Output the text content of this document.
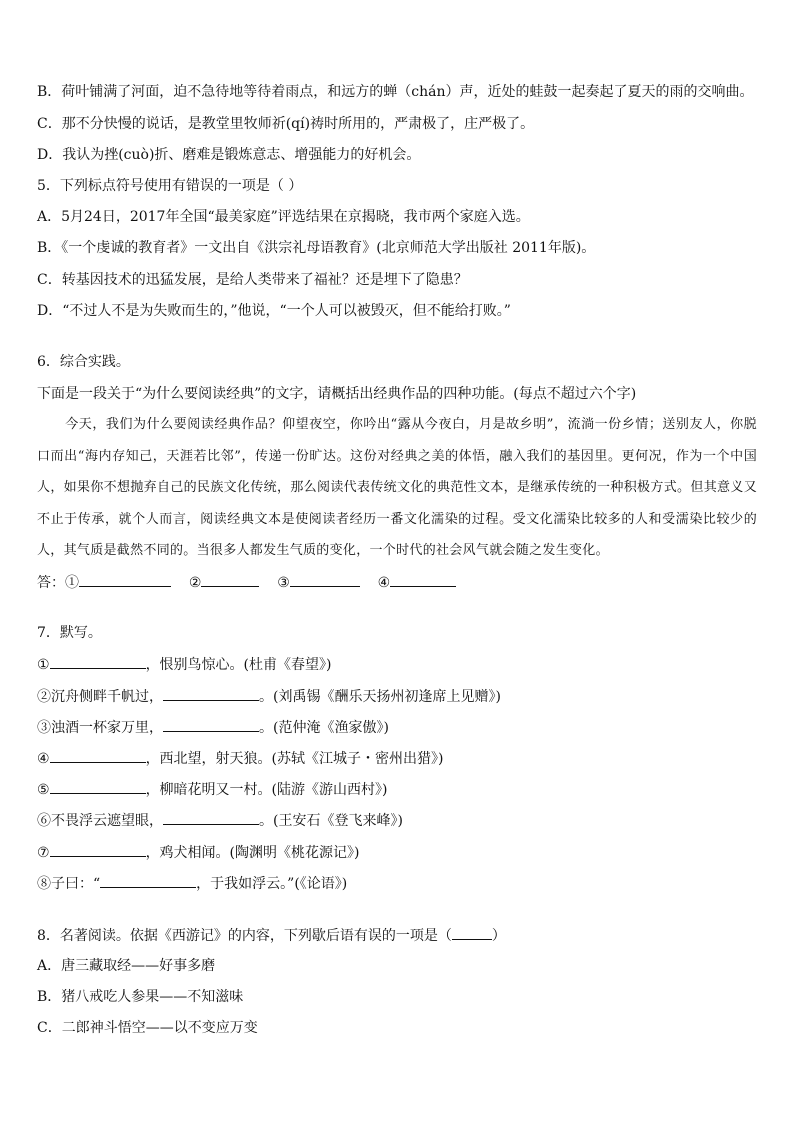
B．荷叶铺满了河面，迫不急待地等待着雨点，和远方的蝉（chán）声，近处的蛙鼓一起奏起了夏天的雨的交响曲。
C．那不分快慢的说话，是教堂里牧师祈(qí)祷时所用的，严肃极了，庄严极了。
D．我认为挫(cuò)折、磨难是锻炼意志、增强能力的好机会。
5．下列标点符号使用有错误的一项是（ ）
A．5月24日，2017年全国“最美家庭”评选结果在京揭晓，我市两个家庭入选。
B．《一个虔诚的教育者》一文出自《洪宗礼母语教育》(北京师范大学出版社 2011年版)。
C．转基因技术的迅猛发展，是给人类带来了福祉？还是埋下了隐患？
D．“不过人不是为失败而生的，”他说，“一个人可以被毁灭，但不能给打败。”
6．综合实践。
下面是一段关于“为什么要阅读经典”的文字，请概括出经典作品的四种功能。(每点不超过六个字)
今天，我们为什么要阅读经典作品？仰望夜空，你吟出“露从今夜白，月是故乡明”，流淌一份乡情；送别友人，你脱口而出“海内存知己，天涯若比邻”，传递一份旷达。这份对经典之美的体悟，融入我们的基因里。更何况，作为一个中国人，如果你不想抛弃自己的民族文化传统，那么阅读代表传统文化的典范性文本，是继承传统的一种积极方式。但其意义又不止于传承，就个人而言，阅读经典文本是使阅读者经历一番文化濡染的过程。受文化濡染比较多的人和受濡染比较少的人，其气质是截然不同的。当很多人都发生气质的变化，一个时代的社会风气就会随之发生变化。
答：①	②	③	④
7．默写。
①	，恨别鸟惊心。(杜甫《春望》)
②沉舟侧畔千帆过，	。(刘禹锡《酬乐天扬州初逢席上见赠》)
③浊酒一杯家万里，	。(范仲淹《渔家傲》)
④	，西北望，射天狼。(苏轼《江城子・密州出猎》)
⑤	，柳暗花明又一村。(陆游《游山西村》)
⑥不畏浮云遮望眼，	。(王安石《登飞来峰》)
⑦	，鸡犬相闻。(陶渊明《桃花源记》)
⑧子曰：“	，于我如浮云。”(《论语》)
8．名著阅读。依据《西游记》的内容，下列歇后语有误的一项是（	）
A．唐三藏取经——好事多磨
B．猪八戒吃人参果——不知滋味
C．二郎神斗悟空——以不变应万变
